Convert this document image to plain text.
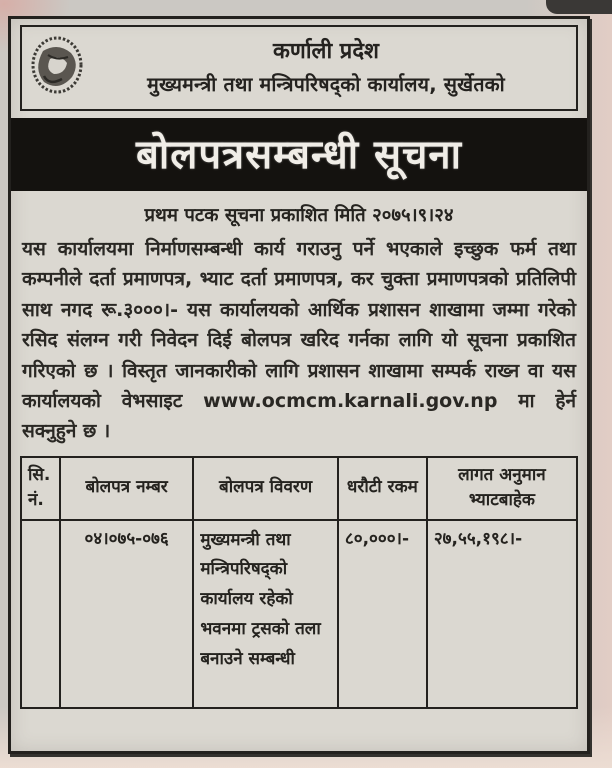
कर्णाली प्रदेश
मुख्यमन्त्री तथा मन्त्रिपरिषद्को कार्यालय, सुर्खेतको
बोलपत्रसम्बन्धी सूचना
प्रथम पटक सूचना प्रकाशित मिति २०७५।९।२४
यस कार्यालयमा निर्माणसम्बन्धी कार्य गराउनु पर्ने भएकाले इच्छुक फर्म तथा कम्पनीले दर्ता प्रमाणपत्र, भ्याट दर्ता प्रमाणपत्र, कर चुक्ता प्रमाणपत्रको प्रतिलिपी साथ नगद रू.३०००।- यस कार्यालयको आर्थिक प्रशासन शाखामा जम्मा गरेको रसिद संलग्न गरी निवेदन दिई बोलपत्र खरिद गर्नका लागि यो सूचना प्रकाशित गरिएको छ । विस्तृत जानकारीको लागि प्रशासन शाखामा सम्पर्क राख्न वा यस कार्यालयको वेभसाइट www.ocmcm.karnali.gov.np मा हेर्न सक्नुहुने छ ।
सि. नं.	बोलपत्र नम्बर	बोलपत्र विवरण	धरौटी रकम	लागत अनुमान भ्याटबाहेक
	०४।०७५-०७६	मुख्यमन्त्री तथा मन्त्रिपरिषद्को कार्यालय रहेको भवनमा ट्रसको तला बनाउने सम्बन्धी	८०,०००।-	२७,५५,१९८।-
